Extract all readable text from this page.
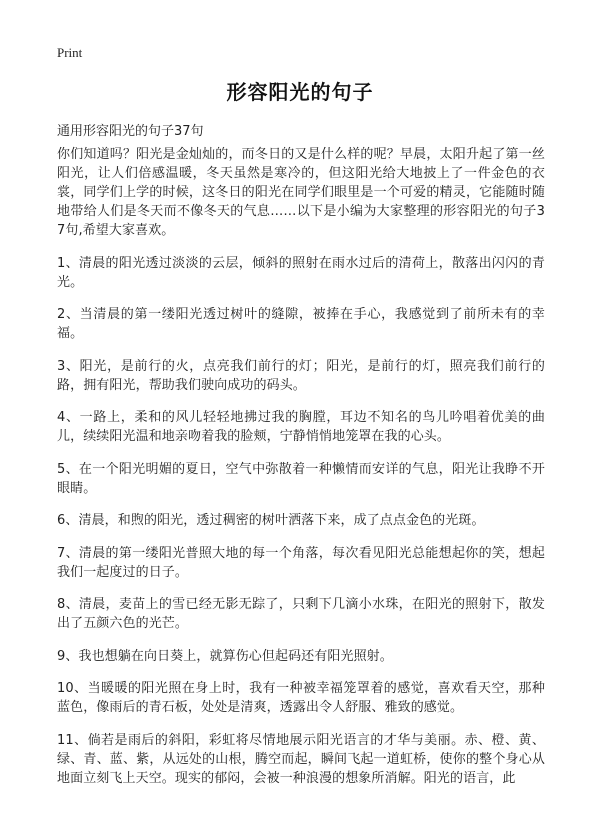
Print
形容阳光的句子

通用形容阳光的句子37句

你们知道吗？阳光是金灿灿的，而冬日的又是什么样的呢？早晨，太阳升起了第一丝阳光，让人们倍感温暖，冬天虽然是寒冷的，但这阳光给大地披上了一件金色的衣裳，同学们上学的时候，这冬日的阳光在同学们眼里是一个可爱的精灵，它能随时随地带给人们是冬天而不像冬天的气息……以下是小编为大家整理的形容阳光的句子37句,希望大家喜欢。

1、清晨的阳光透过淡淡的云层，倾斜的照射在雨水过后的清荷上，散落出闪闪的青光。

2、当清晨的第一缕阳光透过树叶的缝隙，被捧在手心，我感觉到了前所未有的幸福。

3、阳光，是前行的火，点亮我们前行的灯；阳光，是前行的灯，照亮我们前行的路，拥有阳光，帮助我们驶向成功的码头。

4、一路上，柔和的风儿轻轻地拂过我的胸膛，耳边不知名的鸟儿吟唱着优美的曲儿，续续阳光温和地亲吻着我的脸颊，宁静悄悄地笼罩在我的心头。

5、在一个阳光明媚的夏日，空气中弥散着一种懒情而安详的气息，阳光让我睁不开眼睛。

6、清晨，和煦的阳光，透过稠密的树叶洒落下来，成了点点金色的光斑。

7、清晨的第一缕阳光普照大地的每一个角落，每次看见阳光总能想起你的笑，想起我们一起度过的日子。

8、清晨，麦苗上的雪已经无影无踪了，只剩下几滴小水珠，在阳光的照射下，散发出了五颜六色的光芒。

9、我也想躺在向日葵上，就算伤心但起码还有阳光照射。

10、当暖暖的阳光照在身上时，我有一种被幸福笼罩着的感觉，喜欢看天空，那种蓝色，像雨后的青石板，处处是清爽，透露出令人舒服、雅致的感觉。

11、倘若是雨后的斜阳，彩虹将尽情地展示阳光语言的才华与美丽。赤、橙、黄、绿、青、蓝、紫，从远处的山根，腾空而起，瞬间飞起一道虹桥，使你的整个身心从地面立刻飞上天空。现实的郁闷，会被一种浪漫的想象所消解。阳光的语言，此
